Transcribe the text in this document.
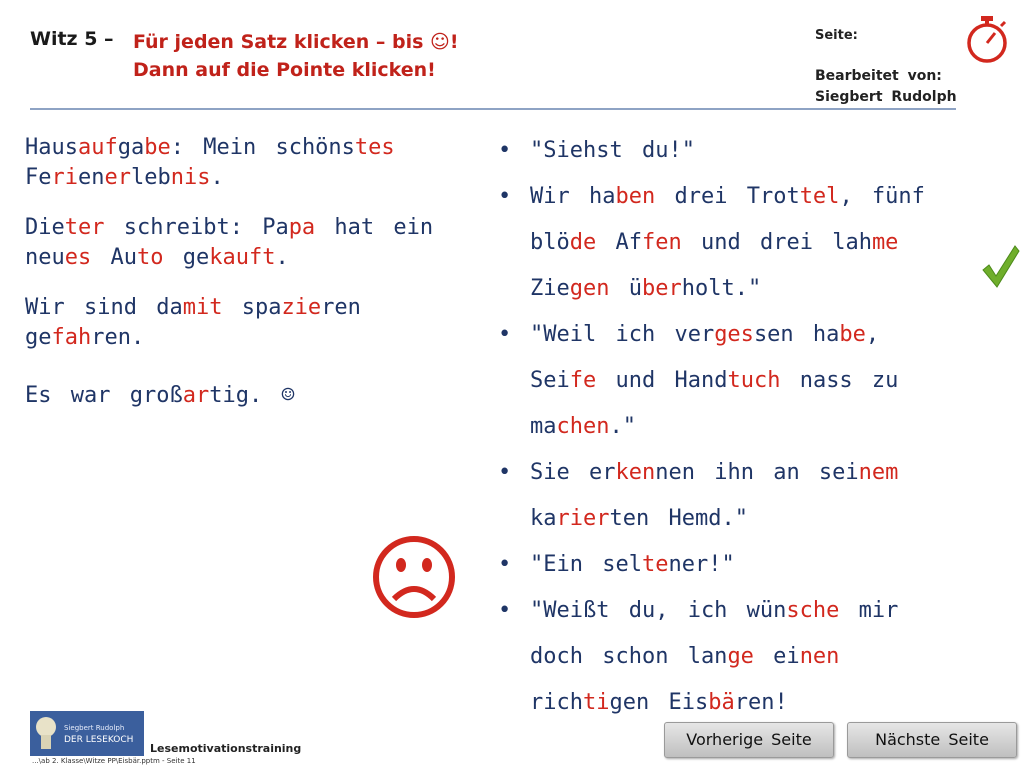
Witz 5 – Für jeden Satz klicken – bis ☺!
Dann auf die Pointe klicken!
Seite:
Bearbeitet von:
Siegbert Rudolph
Hausaufgabe: Mein schönstes Ferienerlebnis.
Dieter schreibt: Papa hat ein neues Auto gekauft.
Wir sind damit spazieren gefahren.
Es war großartig. ☺
• "Siehst du!"
• Wir haben drei Trottel, fünf blöde Affen und drei lahme Ziegen überholt."
• "Weil ich vergessen habe, Seife und Handtuch nass zu machen."
• Sie erkennen ihn an seinem karierten Hemd."
• "Ein seltener!"
• "Weißt du, ich wünsche mir doch schon lange einen richtigen Eisbären!
Siegbert Rudolph
DER LESEKOCH
Lesemotivationstraining
...\ab 2. Klasse\Witze PP\Eisbär.pptm - Seite 11
Vorherige Seite	Nächste Seite
